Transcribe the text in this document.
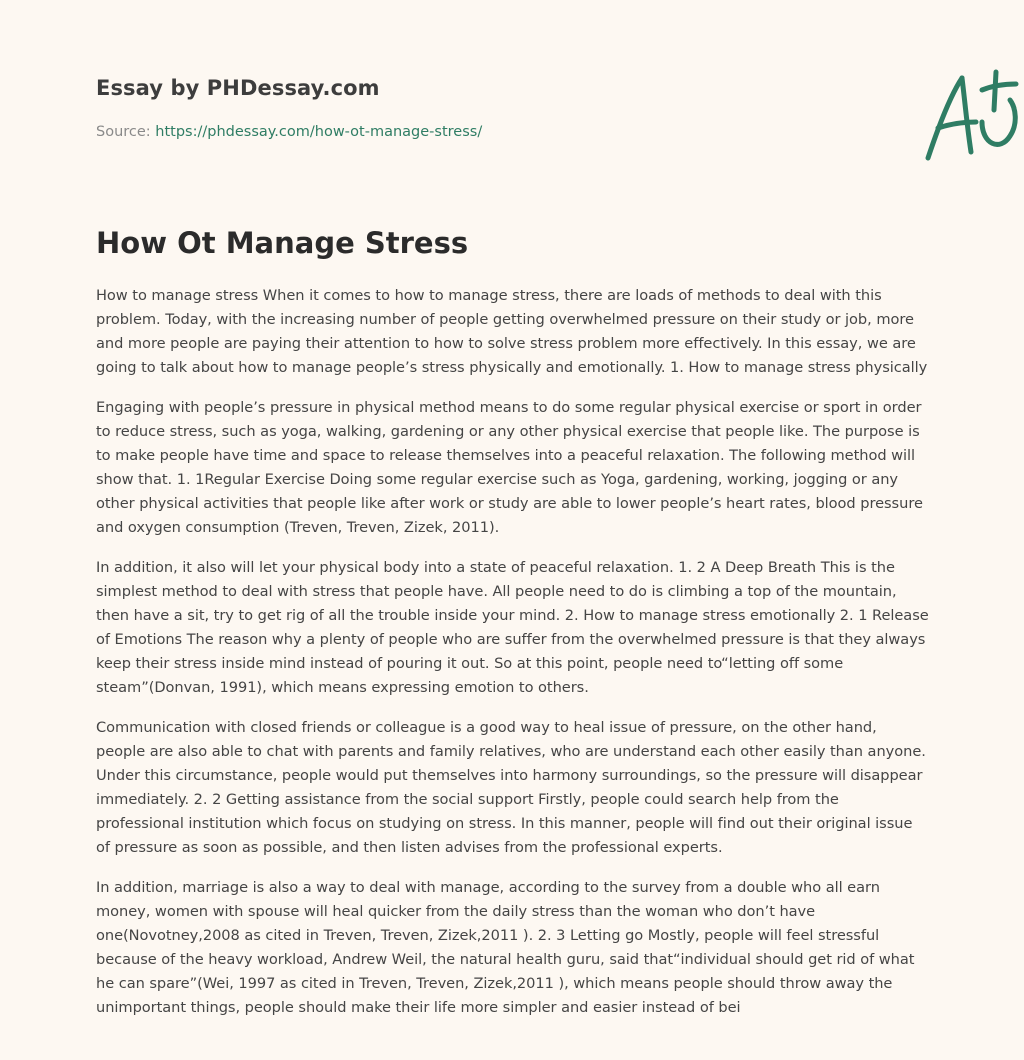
Essay by PHDessay.com

Source: https://phdessay.com/how-ot-manage-stress/

How Ot Manage Stress

How to manage stress When it comes to how to manage stress, there are loads of methods to deal with this problem. Today, with the increasing number of people getting overwhelmed pressure on their study or job, more and more people are paying their attention to how to solve stress problem more effectively. In this essay, we are going to talk about how to manage people’s stress physically and emotionally. 1. How to manage stress physically

Engaging with people’s pressure in physical method means to do some regular physical exercise or sport in order to reduce stress, such as yoga, walking, gardening or any other physical exercise that people like. The purpose is to make people have time and space to release themselves into a peaceful relaxation. The following method will show that. 1. 1Regular Exercise Doing some regular exercise such as Yoga, gardening, working, jogging or any other physical activities that people like after work or study are able to lower people’s heart rates, blood pressure and oxygen consumption (Treven, Treven, Zizek, 2011).

In addition, it also will let your physical body into a state of peaceful relaxation. 1. 2 A Deep Breath This is the simplest method to deal with stress that people have. All people need to do is climbing a top of the mountain, then have a sit, try to get rig of all the trouble inside your mind. 2. How to manage stress emotionally 2. 1 Release of Emotions The reason why a plenty of people who are suffer from the overwhelmed pressure is that they always keep their stress inside mind instead of pouring it out. So at this point, people need to“letting off some steam”(Donvan, 1991), which means expressing emotion to others.

Communication with closed friends or colleague is a good way to heal issue of pressure, on the other hand, people are also able to chat with parents and family relatives, who are understand each other easily than anyone. Under this circumstance, people would put themselves into harmony surroundings, so the pressure will disappear immediately. 2. 2 Getting assistance from the social support Firstly, people could search help from the professional institution which focus on studying on stress. In this manner, people will find out their original issue of pressure as soon as possible, and then listen advises from the professional experts.

In addition, marriage is also a way to deal with manage, according to the survey from a double who all earn money, women with spouse will heal quicker from the daily stress than the woman who don’t have one(Novotney,2008 as cited in Treven, Treven, Zizek,2011 ). 2. 3 Letting go Mostly, people will feel stressful because of the heavy workload, Andrew Weil, the natural health guru, said that“individual should get rid of what he can spare”(Wei, 1997 as cited in Treven, Treven, Zizek,2011 ), which means people should throw away the unimportant things, people should make their life more simpler and easier instead of bei
